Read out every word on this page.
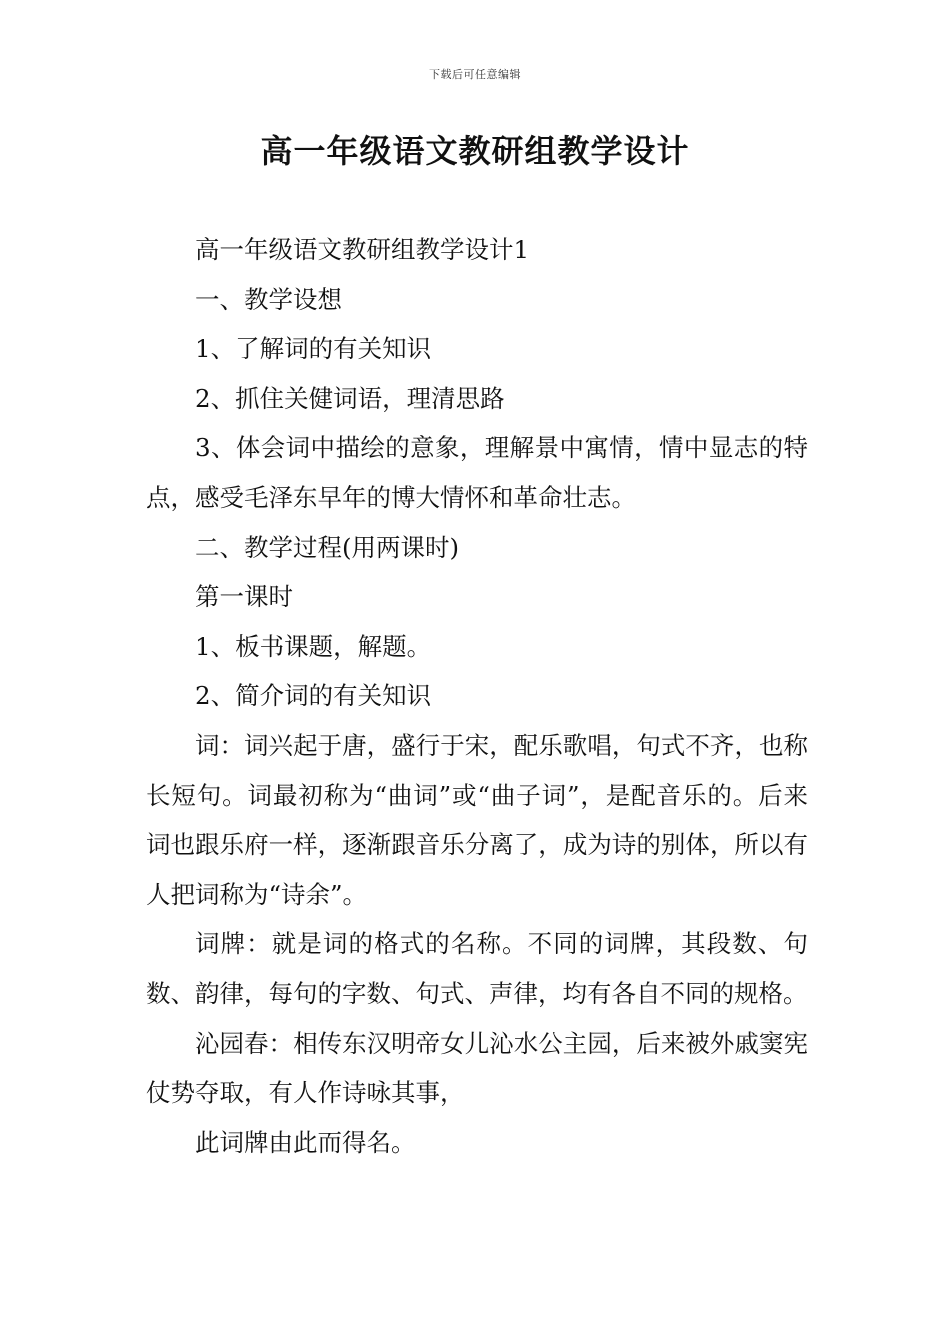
下载后可任意编辑
高一年级语文教研组教学设计

高一年级语文教研组教学设计1

一、教学设想

1、了解词的有关知识

2、抓住关健词语，理清思路

3、体会词中描绘的意象，理解景中寓情，情中显志的特点，感受毛泽东早年的博大情怀和革命壮志。

二、教学过程(用两课时)

第一课时

1、板书课题，解题。

2、简介词的有关知识

词：词兴起于唐，盛行于宋，配乐歌唱，句式不齐，也称长短句。词最初称为“曲词”或“曲子词”，是配音乐的。后来词也跟乐府一样，逐渐跟音乐分离了，成为诗的别体，所以有人把词称为“诗余”。

词牌：就是词的格式的名称。不同的词牌，其段数、句数、韵律，每句的字数、句式、声律，均有各自不同的规格。

沁园春：相传东汉明帝女儿沁水公主园，后来被外戚窦宪仗势夺取，有人作诗咏其事，

此词牌由此而得名。
